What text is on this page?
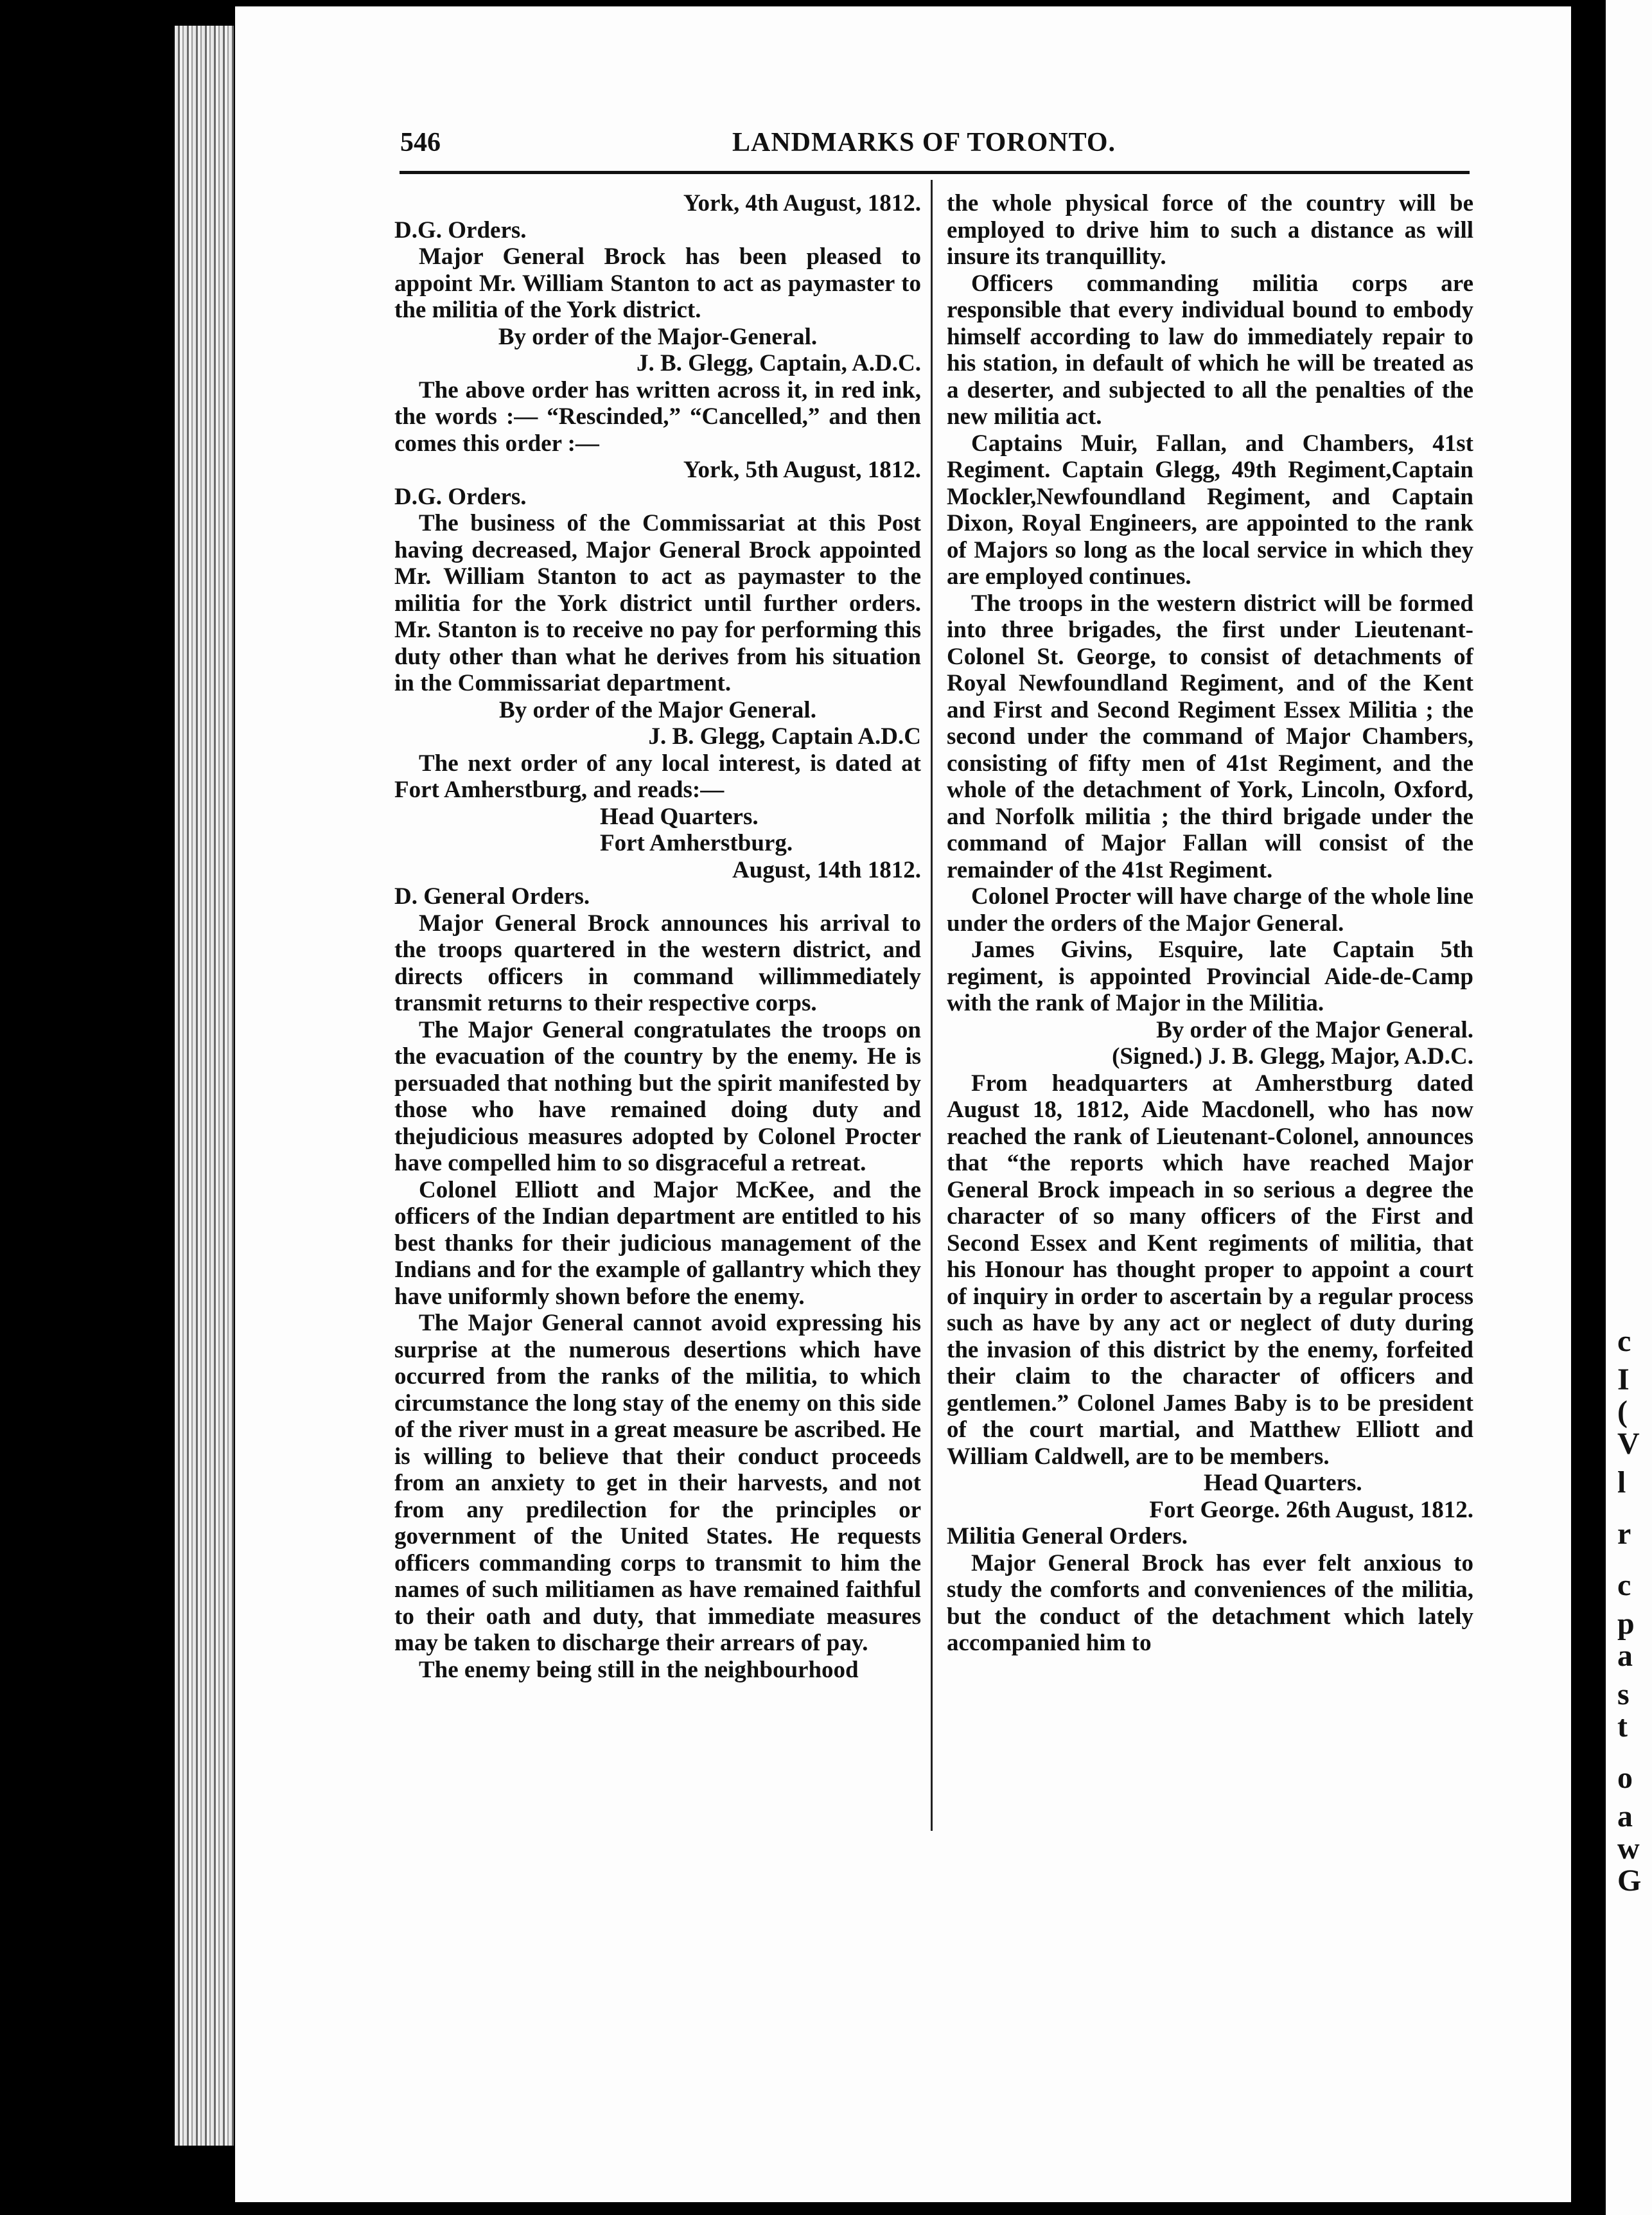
c
I
(
V
l
r
c
p
a
s
t
o
a
w
G
546	LANDMARKS OF TORONTO.

York, 4th August, 1812.

D.G. Orders.

Major General Brock has been pleased to appoint Mr. William Stanton to act as paymaster to the militia of the York district.

By order of the Major-General.

J. B. Glegg, Captain, A.D.C.

The above order has written across it, in red ink, the words :— “Rescinded,” “Cancelled,” and then comes this order :—

York, 5th August, 1812.

D.G. Orders.

The business of the Commissariat at this Post having decreased, Major General Brock appointed Mr. William Stanton to act as paymaster to the militia for the York district until further orders. Mr. Stanton is to receive no pay for performing this duty other than what he derives from his situation in the Commissariat department.

By order of the Major General.

J. B. Glegg, Captain A.D.C

The next order of any local interest, is dated at Fort Amherstburg, and reads:—

Head Quarters.

Fort Amherstburg.

August, 14th 1812.

D. General Orders.

Major General Brock announces his arrival to the troops quartered in the western district, and directs officers in command willimmediately transmit returns to their respective corps.

The Major General congratulates the troops on the evacuation of the country by the enemy. He is persuaded that nothing but the spirit manifested by those who have remained doing duty and thejudicious measures adopted by Colonel Procter have compelled him to so disgraceful a retreat.

Colonel Elliott and Major McKee, and the officers of the Indian department are entitled to his best thanks for their judicious management of the Indians and for the example of gallantry which they have uniformly shown before the enemy.

The Major General cannot avoid expressing his surprise at the numerous desertions which have occurred from the ranks of the militia, to which circumstance the long stay of the enemy on this side of the river must in a great measure be ascribed. He is willing to believe that their conduct proceeds from an anxiety to get in their harvests, and not from any predilection for the principles or government of the United States. He requests officers commanding corps to transmit to him the names of such militiamen as have remained faithful to their oath and duty, that immediate measures may be taken to discharge their arrears of pay.

The enemy being still in the neighbourhood

the whole physical force of the country will be employed to drive him to such a distance as will insure its tranquillity.

Officers commanding militia corps are responsible that every individual bound to embody himself according to law do immediately repair to his station, in default of which he will be treated as a deserter, and subjected to all the penalties of the new militia act.

Captains Muir, Fallan, and Chambers, 41st Regiment. Captain Glegg, 49th Regiment,Captain Mockler,Newfoundland Regiment, and Captain Dixon, Royal Engineers, are appointed to the rank of Majors so long as the local service in which they are employed continues.

The troops in the western district will be formed into three brigades, the first under Lieutenant-Colonel St. George, to consist of detachments of Royal Newfoundland Regiment, and of the Kent and First and Second Regiment Essex Militia ; the second under the command of Major Chambers, consisting of fifty men of 41st Regiment, and the whole of the detachment of York, Lincoln, Oxford, and Norfolk militia ; the third brigade under the command of Major Fallan will consist of the remainder of the 41st Regiment.

Colonel Procter will have charge of the whole line under the orders of the Major General.

James Givins, Esquire, late Captain 5th regiment, is appointed Provincial Aide-de-Camp with the rank of Major in the Militia.

By order of the Major General.

(Signed.) J. B. Glegg, Major, A.D.C.

From headquarters at Amherstburg dated August 18, 1812, Aide Macdonell, who has now reached the rank of Lieutenant-Colonel, announces that “the reports which have reached Major General Brock impeach in so serious a degree the character of so many officers of the First and Second Essex and Kent regiments of militia, that his Honour has thought proper to appoint a court of inquiry in order to ascertain by a regular process such as have by any act or neglect of duty during the invasion of this district by the enemy, forfeited their claim to the character of officers and gentlemen.” Colonel James Baby is to be president of the court martial, and Matthew Elliott and William Caldwell, are to be members.

Head Quarters.

Fort George. 26th August, 1812.

Militia General Orders.

Major General Brock has ever felt anxious to study the comforts and conveniences of the militia, but the conduct of the detachment which lately accompanied him to
